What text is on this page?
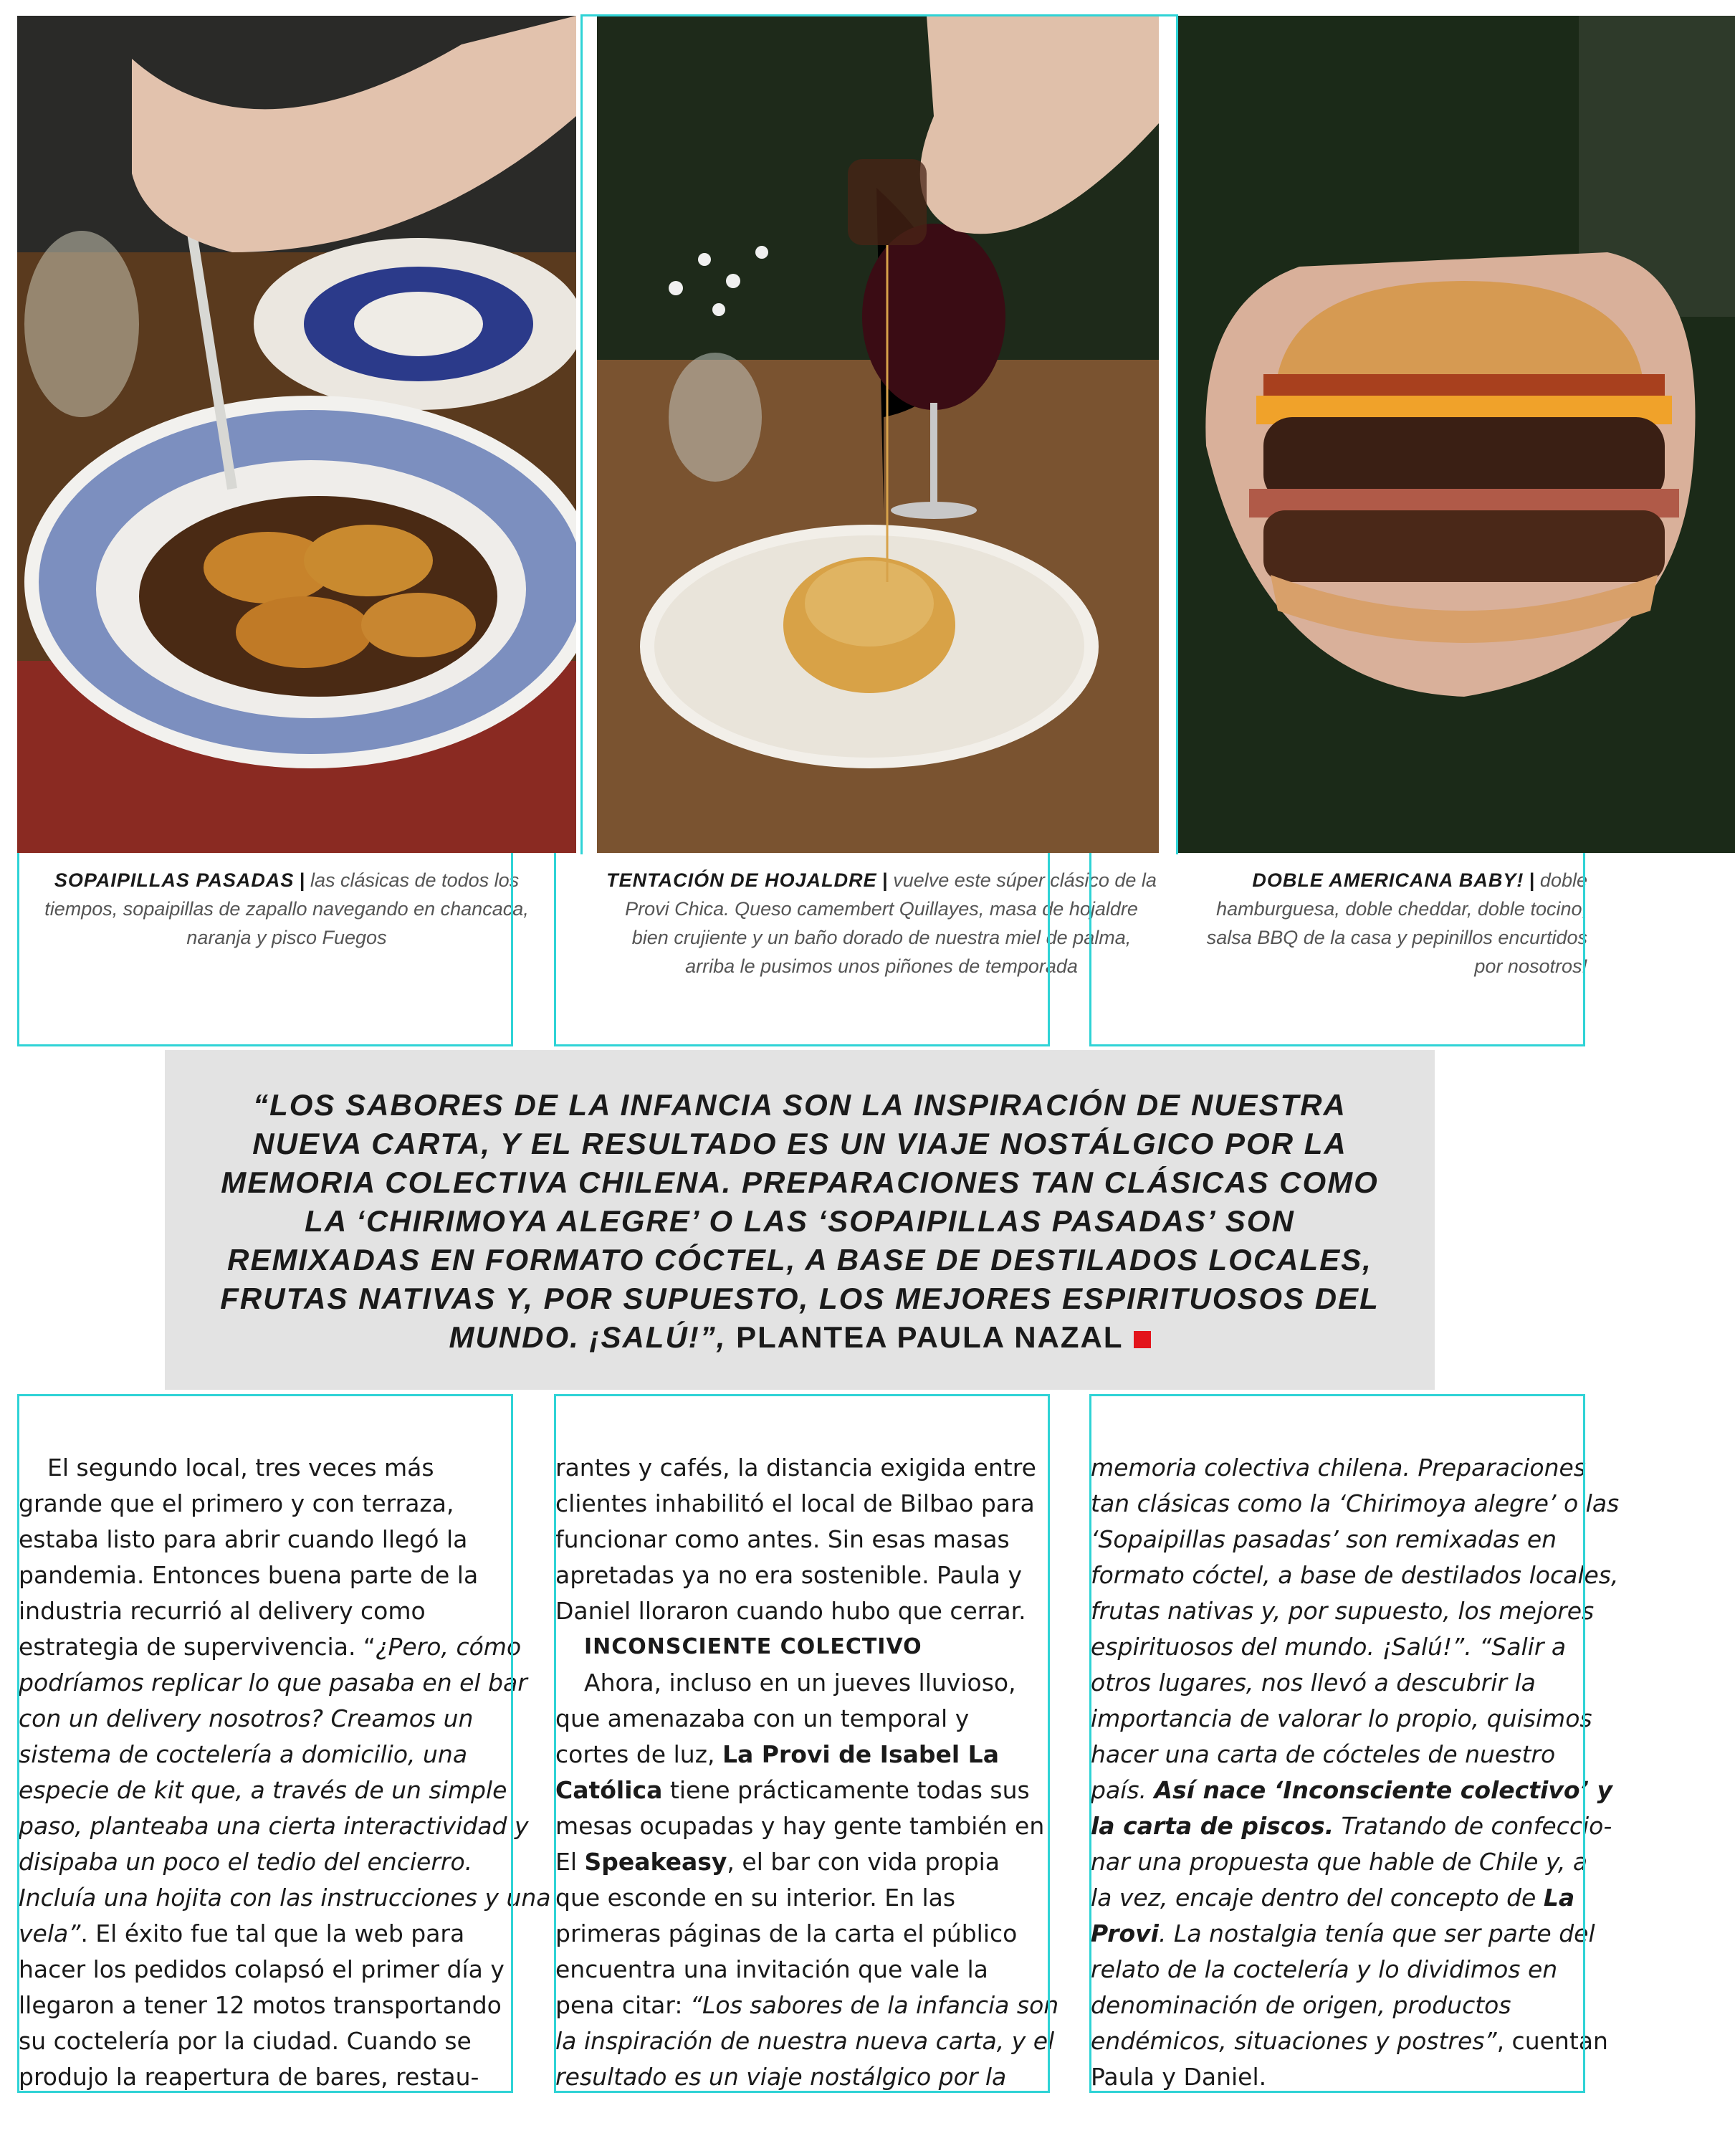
SOPAIPILLAS PASADAS | las clásicas de todos los tiempos, sopaipillas de zapallo navegando en chancaca, naranja y pisco Fuegos
TENTACIÓN DE HOJALDRE | vuelve este súper clásico de la Provi Chica. Queso camembert Quillayes, masa de hojaldre bien crujiente y un baño dorado de nuestra miel de palma, arriba le pusimos unos piñones de temporada
DOBLE AMERICANA BABY! | doble hamburguesa, doble cheddar, doble tocino, salsa BBQ de la casa y pepinillos encurtidos por nosotros!
“LOS SABORES DE LA INFANCIA SON LA INSPIRACIÓN DE NUESTRA NUEVA CARTA, Y EL RESULTADO ES UN VIAJE NOSTÁLGICO POR LA MEMORIA COLECTIVA CHILENA. PREPARACIONES TAN CLÁSICAS COMO LA ‘CHIRIMOYA ALEGRE’ O LAS ‘SOPAIPILLAS PASADAS’ SON REMIXADAS EN FORMATO CÓCTEL, A BASE DE DESTILADOS LOCALES, FRUTAS NATIVAS Y, POR SUPUESTO, LOS MEJORES ESPIRITUOSOS DEL MUNDO. ¡SALÚ!”, PLANTEA PAULA NAZAL
El segundo local, tres veces más
grande que el primero y con terraza,
estaba listo para abrir cuando llegó la
pandemia. Entonces buena parte de la
industria recurrió al delivery como
estrategia de supervivencia. “¿Pero, cómo
podríamos replicar lo que pasaba en el bar
con un delivery nosotros? Creamos un
sistema de coctelería a domicilio, una
especie de kit que, a través de un simple
paso, planteaba una cierta interactividad y
disipaba un poco el tedio del encierro.
Incluía una hojita con las instrucciones y una
vela”. El éxito fue tal que la web para
hacer los pedidos colapsó el primer día y
llegaron a tener 12 motos transportando
su coctelería por la ciudad. Cuando se
produjo la reapertura de bares, restau-
rantes y cafés, la distancia exigida entre
clientes inhabilitó el local de Bilbao para
funcionar como antes. Sin esas masas
apretadas ya no era sostenible. Paula y
Daniel lloraron cuando hubo que cerrar.
INCONSCIENTE COLECTIVO
Ahora, incluso en un jueves lluvioso,
que amenazaba con un temporal y
cortes de luz, La Provi de Isabel La
Católica tiene prácticamente todas sus
mesas ocupadas y hay gente también en
El Speakeasy, el bar con vida propia
que esconde en su interior. En las
primeras páginas de la carta el público
encuentra una invitación que vale la
pena citar: “Los sabores de la infancia son
la inspiración de nuestra nueva carta, y el
resultado es un viaje nostálgico por la
memoria colectiva chilena. Preparaciones
tan clásicas como la ‘Chirimoya alegre’ o las
‘Sopaipillas pasadas’ son remixadas en
formato cóctel, a base de destilados locales,
frutas nativas y, por supuesto, los mejores
espirituosos del mundo. ¡Salú!”. “Salir a
otros lugares, nos llevó a descubrir la
importancia de valorar lo propio, quisimos
hacer una carta de cócteles de nuestro
país. Así nace ‘Inconsciente colectivo’ y
la carta de piscos. Tratando de confeccio-
nar una propuesta que hable de Chile y, a
la vez, encaje dentro del concepto de La
Provi. La nostalgia tenía que ser parte del
relato de la coctelería y lo dividimos en
denominación de origen, productos
endémicos, situaciones y postres”, cuentan
Paula y Daniel.
